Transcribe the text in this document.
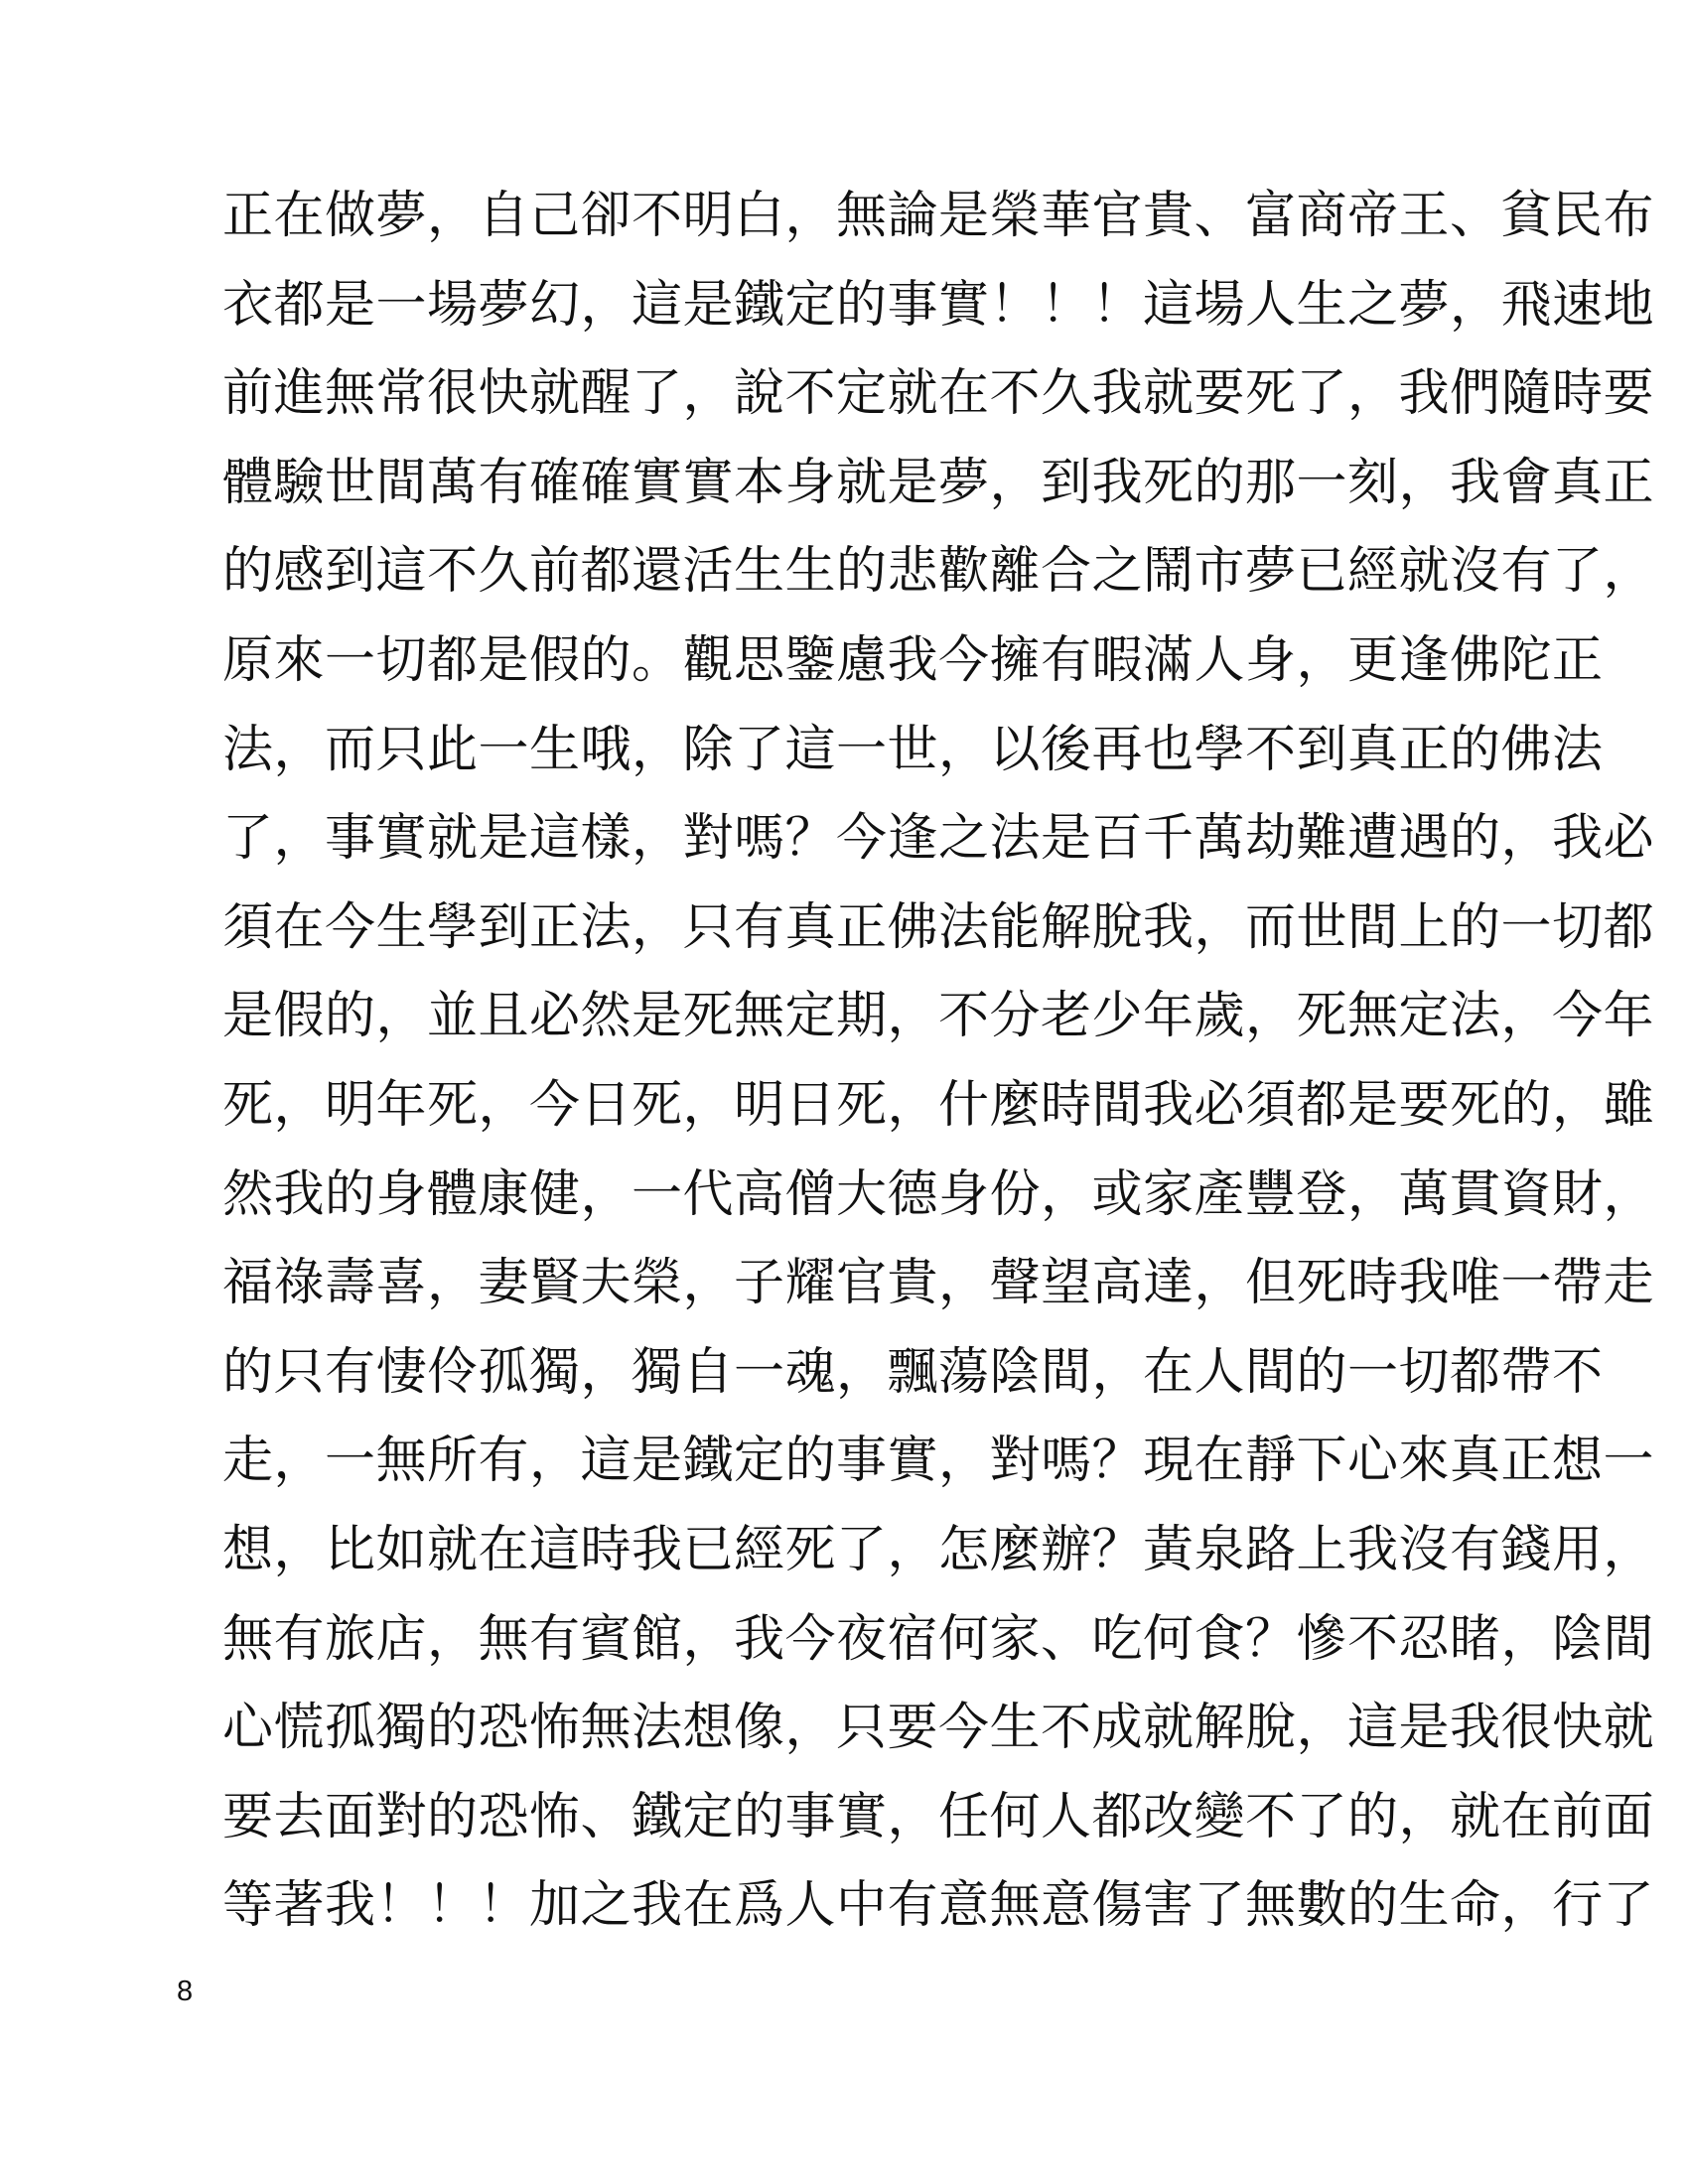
正在做夢，自己卻不明白，無論是榮華官貴、富商帝王、貧民布
衣都是一場夢幻，這是鐵定的事實！！！這場人生之夢，飛速地
前進無常很快就醒了，說不定就在不久我就要死了，我們隨時要
體驗世間萬有確確實實本身就是夢，到我死的那一刻，我會真正
的感到這不久前都還活生生的悲歡離合之鬧市夢已經就沒有了，
原來一切都是假的。觀思鑒慮我今擁有暇滿人身，更逢佛陀正
法，而只此一生哦，除了這一世，以後再也學不到真正的佛法
了，事實就是這樣，對嗎？今逢之法是百千萬劫難遭遇的，我必
須在今生學到正法，只有真正佛法能解脫我，而世間上的一切都
是假的，並且必然是死無定期，不分老少年歲，死無定法，今年
死，明年死，今日死，明日死，什麼時間我必須都是要死的，雖
然我的身體康健，一代高僧大德身份，或家產豐登，萬貫資財，
福祿壽喜，妻賢夫榮，子耀官貴，聲望高達，但死時我唯一帶走
的只有悽伶孤獨，獨自一魂，飄蕩陰間，在人間的一切都帶不
走，一無所有，這是鐵定的事實，對嗎？現在靜下心來真正想一
想，比如就在這時我已經死了，怎麼辦？黃泉路上我沒有錢用，
無有旅店，無有賓館，我今夜宿何家、吃何食？慘不忍睹，陰間
心慌孤獨的恐怖無法想像，只要今生不成就解脫，這是我很快就
要去面對的恐怖、鐵定的事實，任何人都改變不了的，就在前面
等著我！！！加之我在爲人中有意無意傷害了無數的生命，行了
8
